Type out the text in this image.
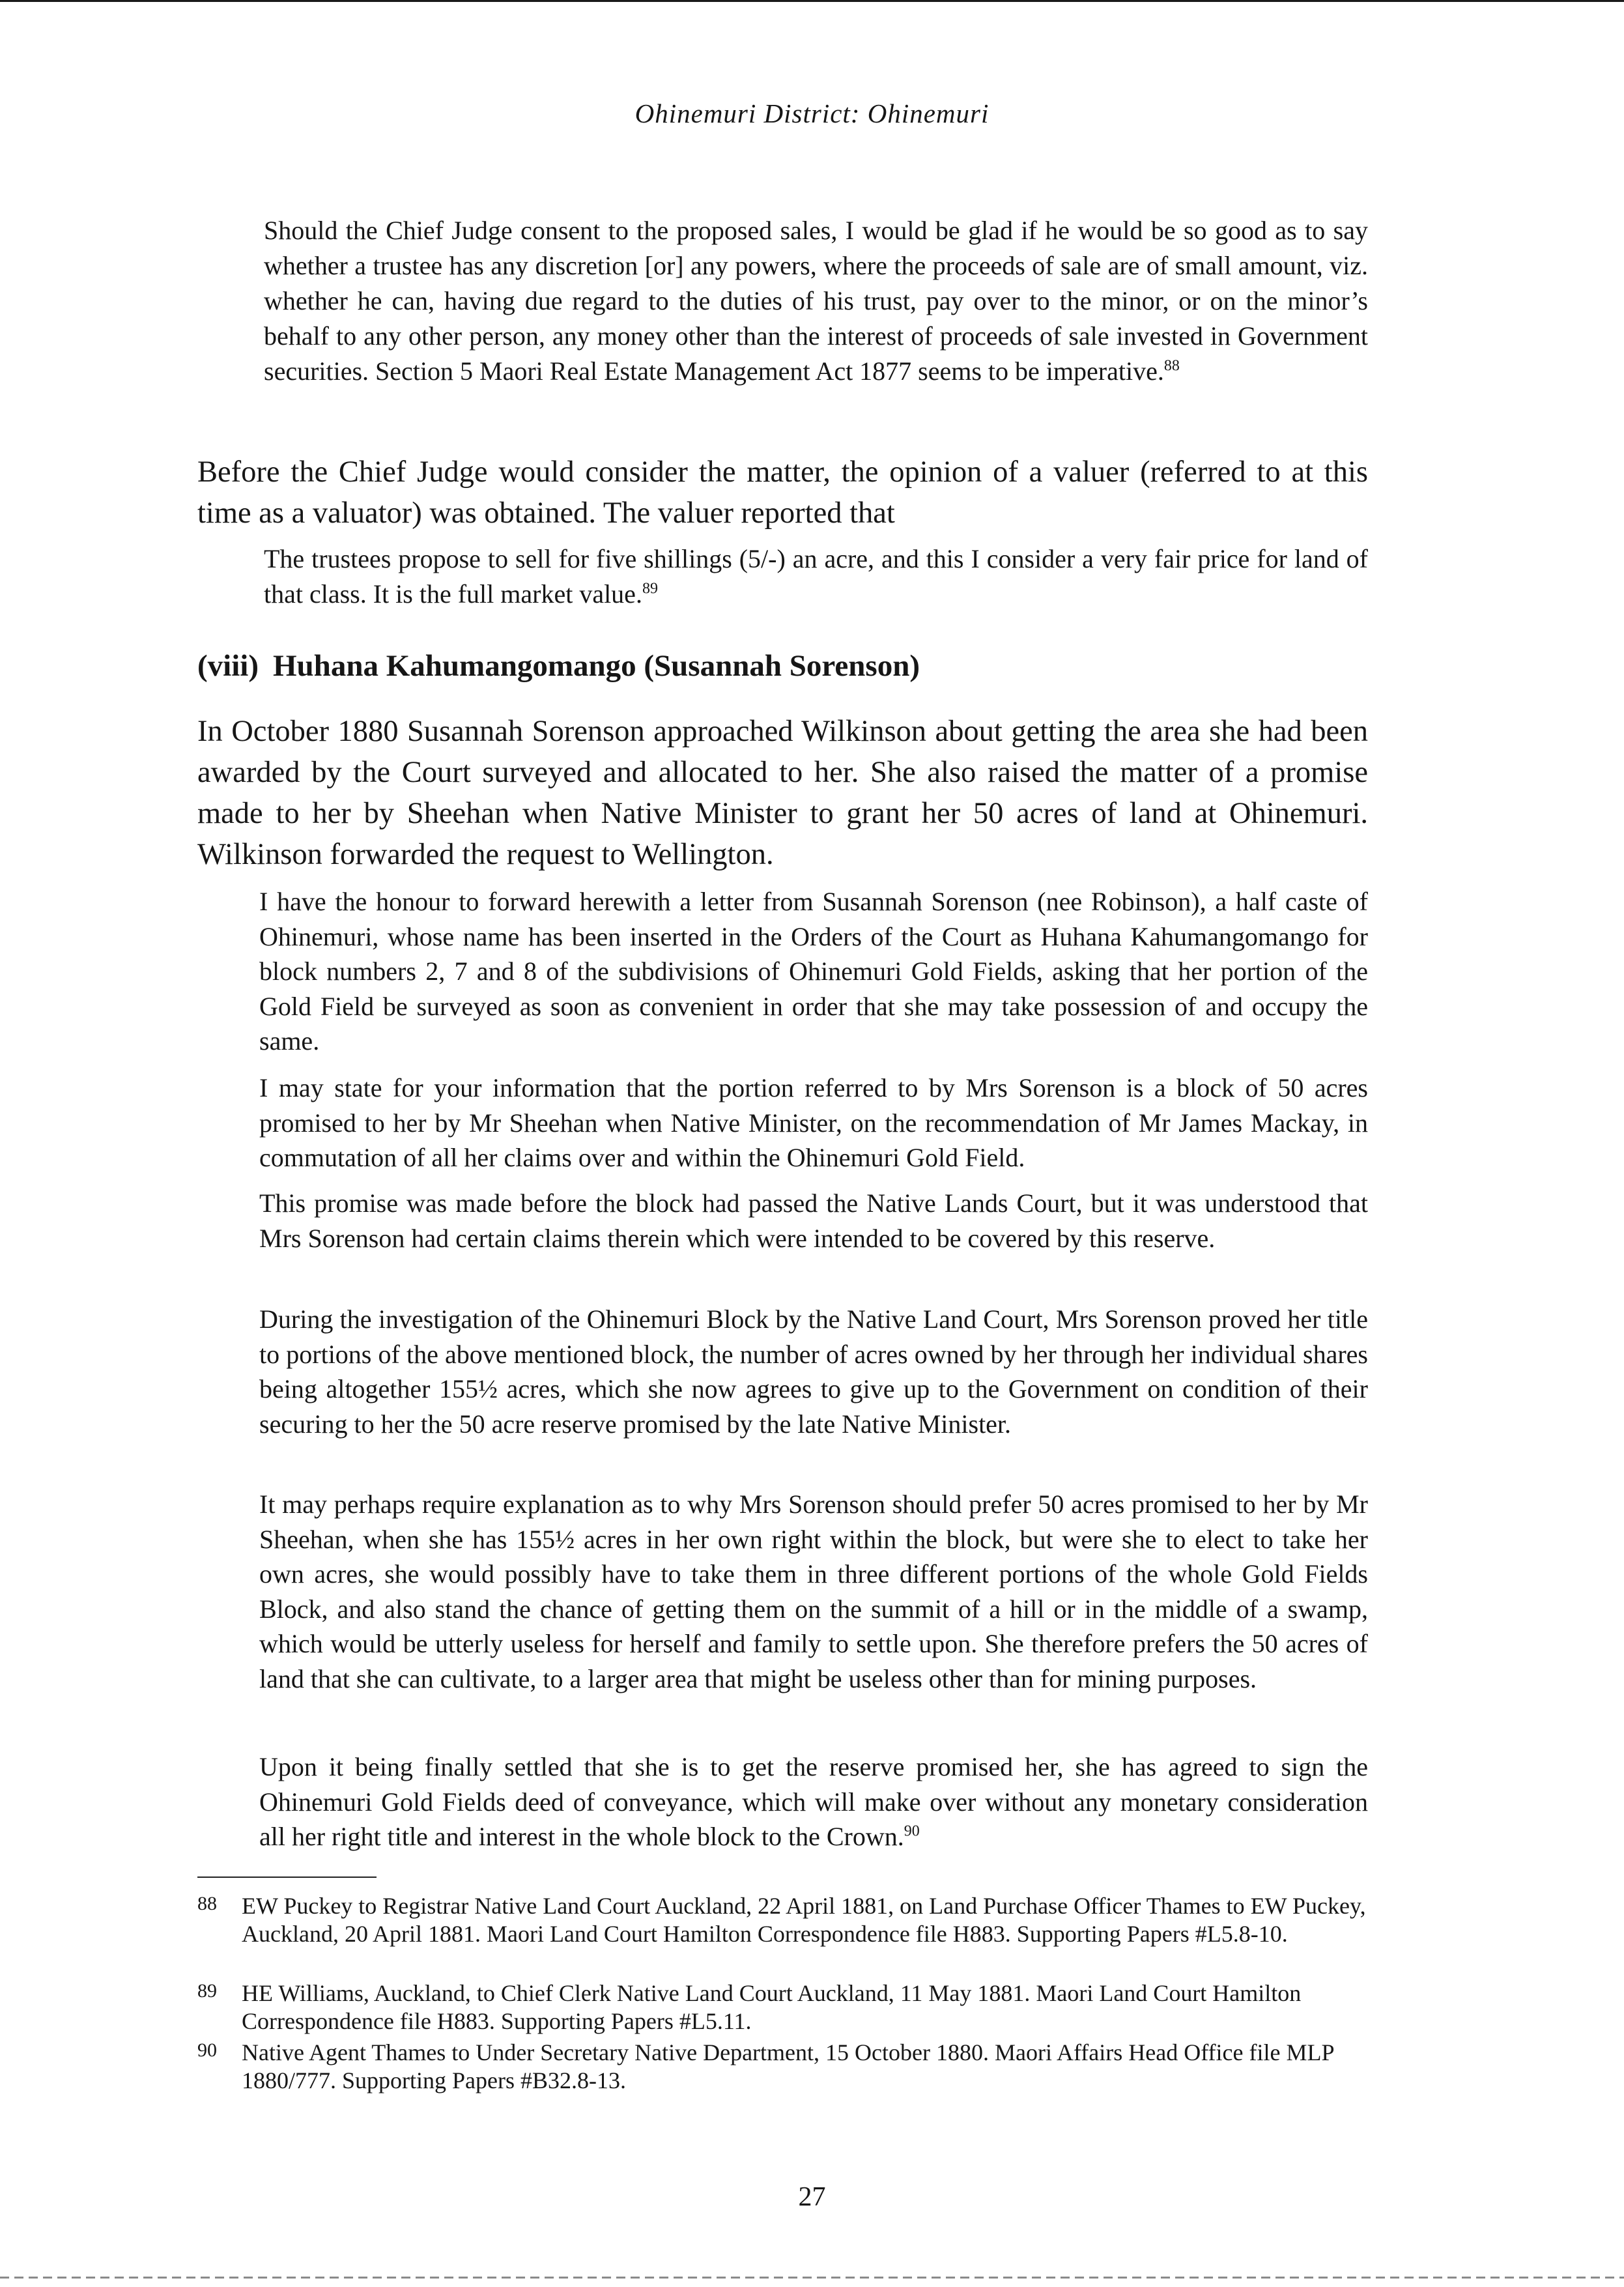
Ohinemuri District: Ohinemuri

Should the Chief Judge consent to the proposed sales, I would be glad if he would be so good as to say whether a trustee has any discretion [or] any powers, where the proceeds of sale are of small amount, viz. whether he can, having due regard to the duties of his trust, pay over to the minor, or on the minor’s behalf to any other person, any money other than the interest of proceeds of sale invested in Government securities. Section 5 Maori Real Estate Management Act 1877 seems to be imperative.$^{88}$

Before the Chief Judge would consider the matter, the opinion of a valuer (referred to at this time as a valuator) was obtained. The valuer reported that

The trustees propose to sell for five shillings (5/-) an acre, and this I consider a very fair price for land of that class. It is the full market value.$^{89}$

(viii) Huhana Kahumangomango (Susannah Sorenson)

In October 1880 Susannah Sorenson approached Wilkinson about getting the area she had been awarded by the Court surveyed and allocated to her. She also raised the matter of a promise made to her by Sheehan when Native Minister to grant her 50 acres of land at Ohinemuri. Wilkinson forwarded the request to Wellington.

I have the honour to forward herewith a letter from Susannah Sorenson (nee Robinson), a half caste of Ohinemuri, whose name has been inserted in the Orders of the Court as Huhana Kahumangomango for block numbers 2, 7 and 8 of the subdivisions of Ohinemuri Gold Fields, asking that her portion of the Gold Field be surveyed as soon as convenient in order that she may take possession of and occupy the same.

I may state for your information that the portion referred to by Mrs Sorenson is a block of 50 acres promised to her by Mr Sheehan when Native Minister, on the recommendation of Mr James Mackay, in commutation of all her claims over and within the Ohinemuri Gold Field.

This promise was made before the block had passed the Native Lands Court, but it was understood that Mrs Sorenson had certain claims therein which were intended to be covered by this reserve.

During the investigation of the Ohinemuri Block by the Native Land Court, Mrs Sorenson proved her title to portions of the above mentioned block, the number of acres owned by her through her individual shares being altogether 155½ acres, which she now agrees to give up to the Government on condition of their securing to her the 50 acre reserve promised by the late Native Minister.

It may perhaps require explanation as to why Mrs Sorenson should prefer 50 acres promised to her by Mr Sheehan, when she has 155½ acres in her own right within the block, but were she to elect to take her own acres, she would possibly have to take them in three different portions of the whole Gold Fields Block, and also stand the chance of getting them on the summit of a hill or in the middle of a swamp, which would be utterly useless for herself and family to settle upon. She therefore prefers the 50 acres of land that she can cultivate, to a larger area that might be useless other than for mining purposes.

Upon it being finally settled that she is to get the reserve promised her, she has agreed to sign the Ohinemuri Gold Fields deed of conveyance, which will make over without any monetary consideration all her right title and interest in the whole block to the Crown.$^{90}$

88 EW Puckey to Registrar Native Land Court Auckland, 22 April 1881, on Land Purchase Officer Thames to EW Puckey, Auckland, 20 April 1881. Maori Land Court Hamilton Correspondence file H883. Supporting Papers #L5.8-10.
89 HE Williams, Auckland, to Chief Clerk Native Land Court Auckland, 11 May 1881. Maori Land Court Hamilton Correspondence file H883. Supporting Papers #L5.11.
90 Native Agent Thames to Under Secretary Native Department, 15 October 1880. Maori Affairs Head Office file MLP 1880/777. Supporting Papers #B32.8-13.
27
